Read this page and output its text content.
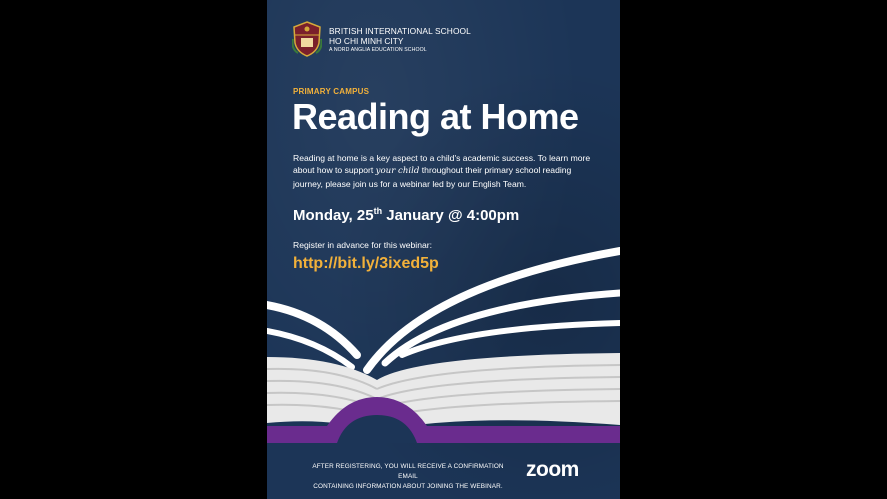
BRITISH INTERNATIONAL SCHOOL
HO CHI MINH CITY
A NORD ANGLIA EDUCATION SCHOOL
PRIMARY CAMPUS
Reading at Home
Reading at home is a key aspect to a child's academic success. To learn more about how to support your child throughout their primary school reading journey, please join us for a webinar led by our English Team.
Monday, 25th January @ 4:00pm
Register in advance for this webinar:
http://bit.ly/3ixed5p
AFTER REGISTERING, YOU WILL RECEIVE A CONFIRMATION EMAIL
CONTAINING INFORMATION ABOUT JOINING THE WEBINAR.
zoom
